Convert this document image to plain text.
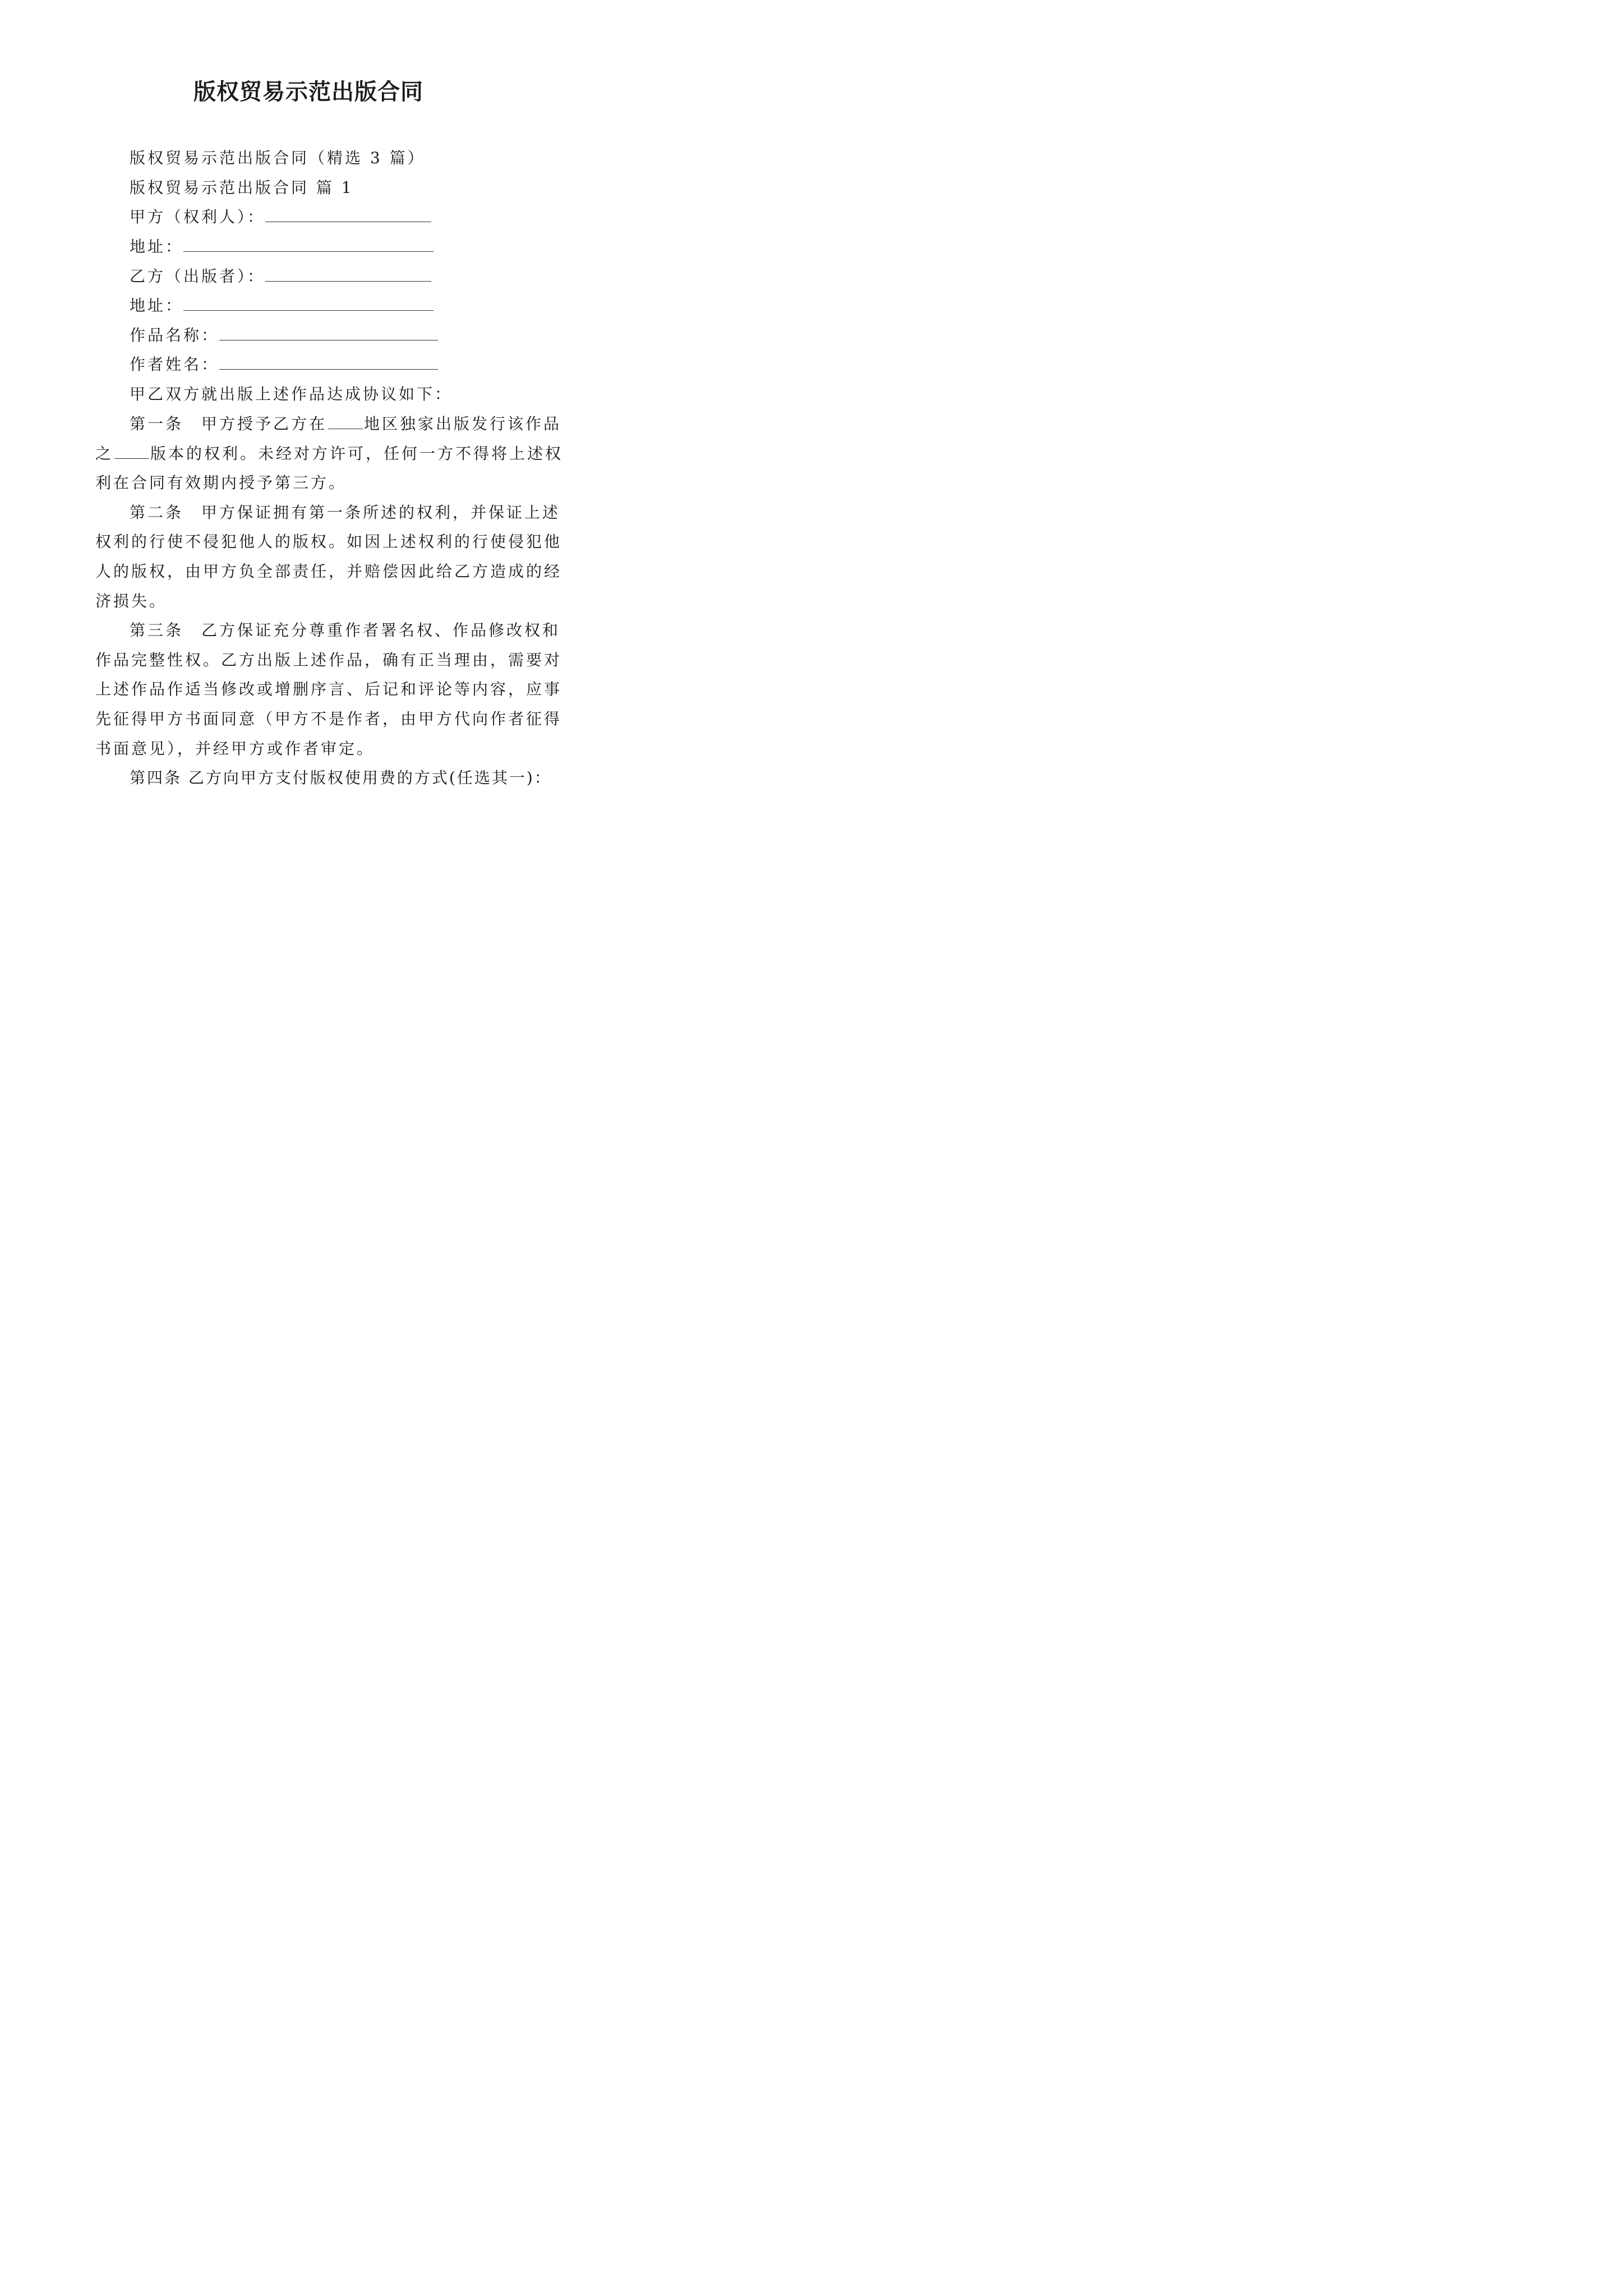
版权贸易示范出版合同
版权贸易示范出版合同（精选 3 篇）
版权贸易示范出版合同 篇 1
甲方（权利人）：
地址：
乙方（出版者）：
地址：
作品名称：
作者姓名：
甲乙双方就出版上述作品达成协议如下：
第一条　甲方授予乙方在 地区独家出版发行该作品
之 版本的权利。未经对方许可，任何一方不得将上述权
利在合同有效期内授予第三方。
第二条　甲方保证拥有第一条所述的权利，并保证上述
权利的行使不侵犯他人的版权。如因上述权利的行使侵犯他
人的版权，由甲方负全部责任，并赔偿因此给乙方造成的经
济损失。
第三条　乙方保证充分尊重作者署名权、作品修改权和
作品完整性权。乙方出版上述作品，确有正当理由，需要对
上述作品作适当修改或增删序言、后记和评论等内容，应事
先征得甲方书面同意（甲方不是作者，由甲方代向作者征得
书面意见），并经甲方或作者审定。
第四条 乙方向甲方支付版权使用费的方式(任选其一)：
